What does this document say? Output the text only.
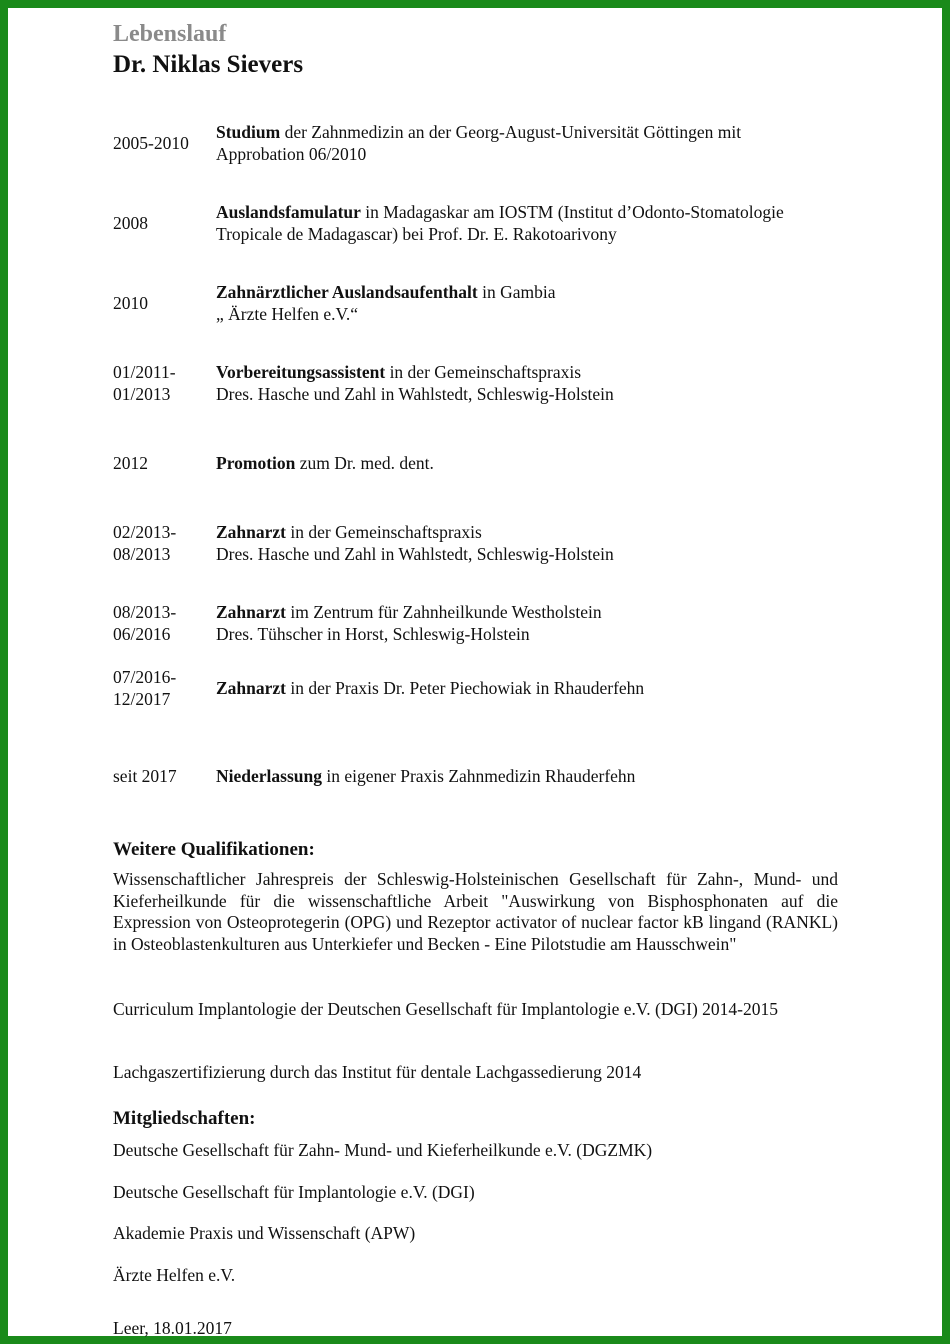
Lebenslauf
Dr. Niklas Sievers
2005-2010
Studium der Zahnmedizin an der Georg-August-Universität Göttingen mit
Approbation 06/2010
2008
Auslandsfamulatur in Madagaskar am IOSTM (Institut d’Odonto-Stomatologie
Tropicale de Madagascar) bei Prof. Dr. E. Rakotoarivony
2010
Zahnärztlicher Auslandsaufenthalt in Gambia
„ Ärzte Helfen e.V.“
01/2011-
01/2013
Vorbereitungsassistent in der Gemeinschaftspraxis
Dres. Hasche und Zahl in Wahlstedt, Schleswig-Holstein
2012	Promotion zum Dr. med. dent.
02/2013-
08/2013
Zahnarzt in der Gemeinschaftspraxis
Dres. Hasche und Zahl in Wahlstedt, Schleswig-Holstein
08/2013-
06/2016
Zahnarzt im Zentrum für Zahnheilkunde Westholstein
Dres. Tühscher in Horst, Schleswig-Holstein
07/2016-
12/2017
Zahnarzt in der Praxis Dr. Peter Piechowiak in Rhauderfehn
seit 2017	Niederlassung in eigener Praxis Zahnmedizin Rhauderfehn
Weitere Qualifikationen:
Wissenschaftlicher Jahrespreis der Schleswig-Holsteinischen Gesellschaft für Zahn-, Mund- und Kieferheilkunde für die wissenschaftliche Arbeit "Auswirkung von Bisphosphonaten auf die Expression von Osteoprotegerin (OPG) und Rezeptor activator of nuclear factor kB lingand (RANKL) in Osteoblastenkulturen aus Unterkiefer und Becken - Eine Pilotstudie am Hausschwein"
Curriculum Implantologie der Deutschen Gesellschaft für Implantologie e.V. (DGI) 2014-2015
Lachgaszertifizierung durch das Institut für dentale Lachgassedierung 2014
Mitgliedschaften:
Deutsche Gesellschaft für Zahn- Mund- und Kieferheilkunde e.V. (DGZMK)
Deutsche Gesellschaft für Implantologie e.V. (DGI)
Akademie Praxis und Wissenschaft (APW)
Ärzte Helfen e.V.
Leer, 18.01.2017
